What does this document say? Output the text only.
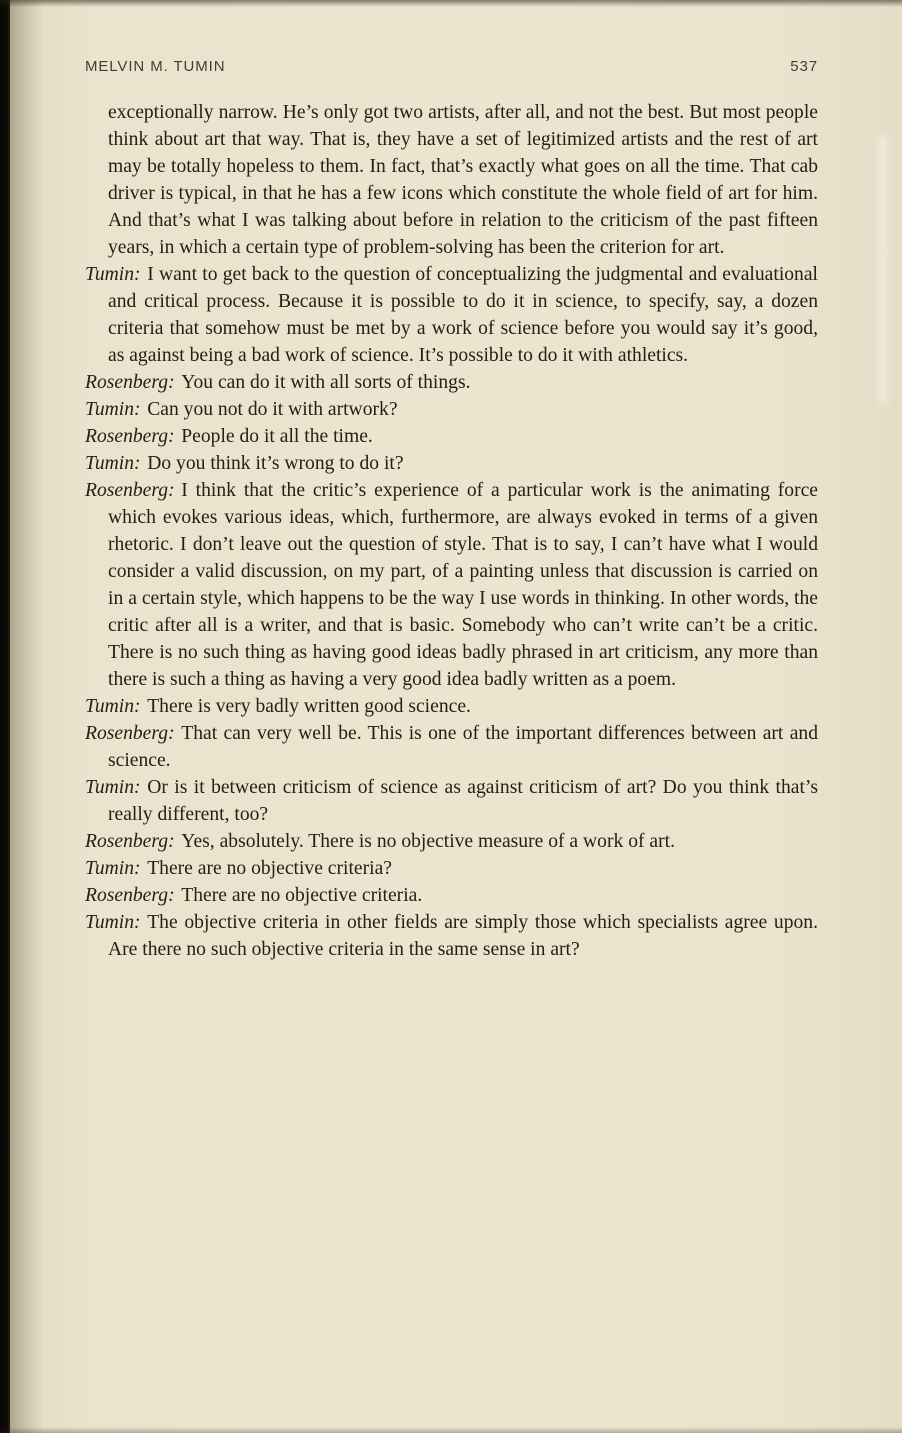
MELVIN M. TUMIN	537

exceptionally narrow. He’s only got two artists, after all, and not the best. But most people think about art that way. That is, they have a set of legitimized artists and the rest of art may be totally hopeless to them. In fact, that’s exactly what goes on all the time. That cab driver is typical, in that he has a few icons which constitute the whole field of art for him. And that’s what I was talking about before in relation to the criticism of the past fifteen years, in which a certain type of problem-solving has been the criterion for art.

Tumin: I want to get back to the question of conceptualizing the judgmental and evaluational and critical process. Because it is possible to do it in science, to specify, say, a dozen criteria that somehow must be met by a work of science before you would say it’s good, as against being a bad work of science. It’s possible to do it with athletics.

Rosenberg: You can do it with all sorts of things.

Tumin: Can you not do it with artwork?

Rosenberg: People do it all the time.

Tumin: Do you think it’s wrong to do it?

Rosenberg: I think that the critic’s experience of a particular work is the animating force which evokes various ideas, which, furthermore, are always evoked in terms of a given rhetoric. I don’t leave out the question of style. That is to say, I can’t have what I would consider a valid discussion, on my part, of a painting unless that discussion is carried on in a certain style, which happens to be the way I use words in thinking. In other words, the critic after all is a writer, and that is basic. Somebody who can’t write can’t be a critic. There is no such thing as having good ideas badly phrased in art criticism, any more than there is such a thing as having a very good idea badly written as a poem.

Tumin: There is very badly written good science.

Rosenberg: That can very well be. This is one of the important differences between art and science.

Tumin: Or is it between criticism of science as against criticism of art? Do you think that’s really different, too?

Rosenberg: Yes, absolutely. There is no objective measure of a work of art.

Tumin: There are no objective criteria?

Rosenberg: There are no objective criteria.

Tumin: The objective criteria in other fields are simply those which specialists agree upon. Are there no such objective criteria in the same sense in art?
